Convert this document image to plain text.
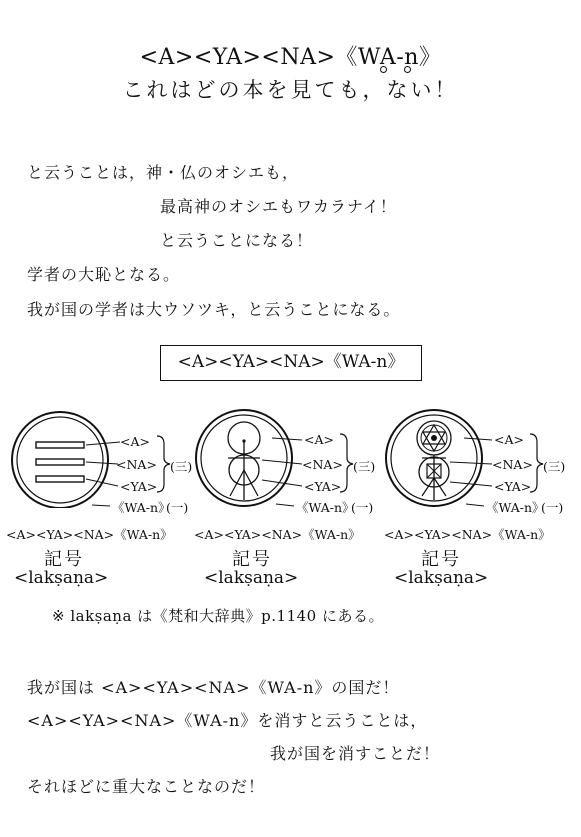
<A><YA><NA>《WA-n》
これはどの本を見ても，ない！
と云うことは，神・仏のオシエも，
最高神のオシエもワカラナイ！
と云うことになる！
学者の大恥となる。
我が国の学者は大ウソツキ，と云うことになる。
<A><YA><NA>《WA-n》
<A>
<NA>
<YA>
《WA-n》
(三)
(一)
<A>
<NA>
<YA>
《WA-n》
(三)
(一)
<A>
<NA>
<YA>
《WA-n》
(三)
(一)
<A><YA><NA>《WA-n》
記号
<lakṣaṇa>
<A><YA><NA>《WA-n》
記号
<lakṣaṇa>
<A><YA><NA>《WA-n》
記号
<lakṣaṇa>
※ lakṣaṇa は《梵和大辞典》p.1140 にある。
我が国は <A><YA><NA>《WA-n》の国だ！
<A><YA><NA>《WA-n》を消すと云うことは，
我が国を消すことだ！
それほどに重大なことなのだ！
